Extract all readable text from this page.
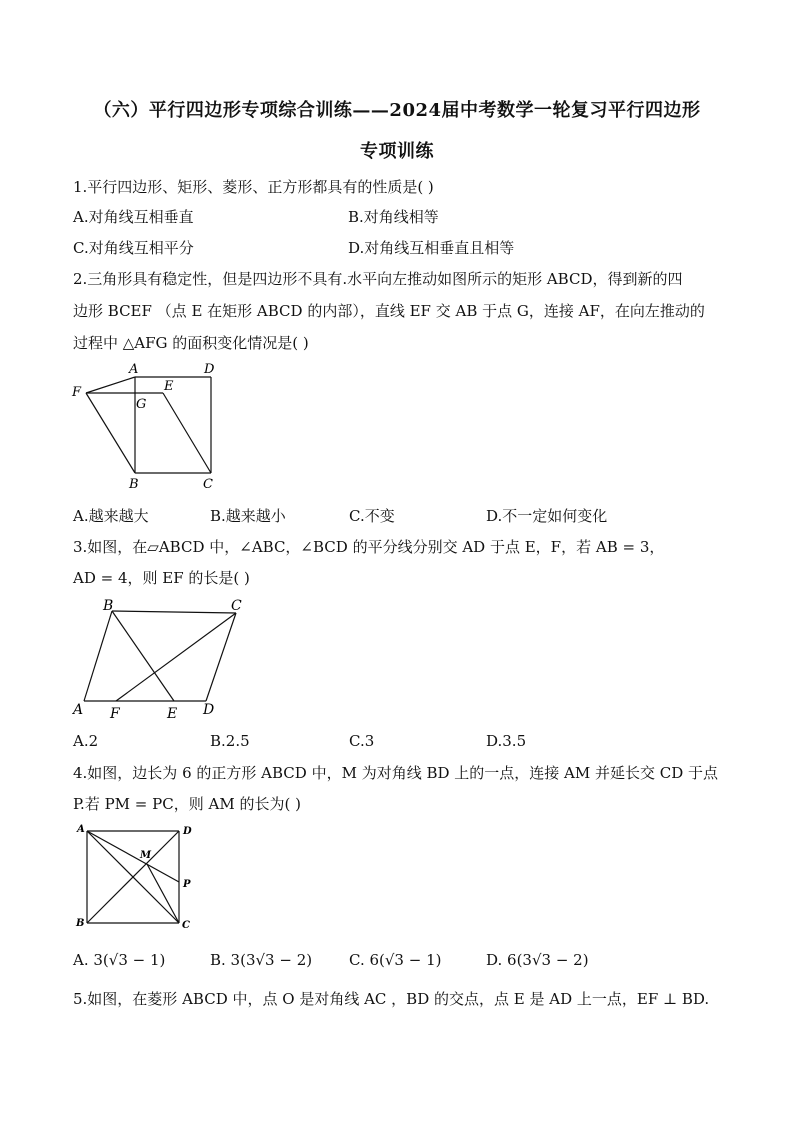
（六）平行四边形专项综合训练——2024届中考数学一轮复习平行四边形
专项训练
1.平行四边形、矩形、菱形、正方形都具有的性质是( )
A.对角线互相垂直	B.对角线相等
C.对角线互相平分	D.对角线互相垂直且相等
2.三角形具有稳定性，但是四边形不具有.水平向左推动如图所示的矩形 ABCD，得到新的四
边形 BCEF （点 E 在矩形 ABCD 的内部），直线 EF 交 AB 于点 G，连接 AF，在向左推动的
过程中 △AFG 的面积变化情况是( )
A	D
F
G
E
B	C
A.越来越大	B.越来越小	C.不变	D.不一定如何变化
3.如图，在▱ABCD 中，∠ABC，∠BCD 的平分线分别交 AD 于点 E，F，若 AB = 3，
AD = 4，则 EF 的长是( )
B	C
A F	E D
A.2	B.2.5	C.3	D.3.5
4.如图，边长为 6 的正方形 ABCD 中，M 为对角线 BD 上的一点，连接 AM 并延长交 CD 于点
P.若 PM = PC，则 AM 的长为( )
A	D
M
P
B	C
A. 3(√3 − 1)	B. 3(3√3 − 2) C. 6(√3 − 1)	D. 6(3√3 − 2)
5.如图，在菱形 ABCD 中，点 O 是对角线 AC ，BD 的交点，点 E 是 AD 上一点，EF ⊥ BD.
